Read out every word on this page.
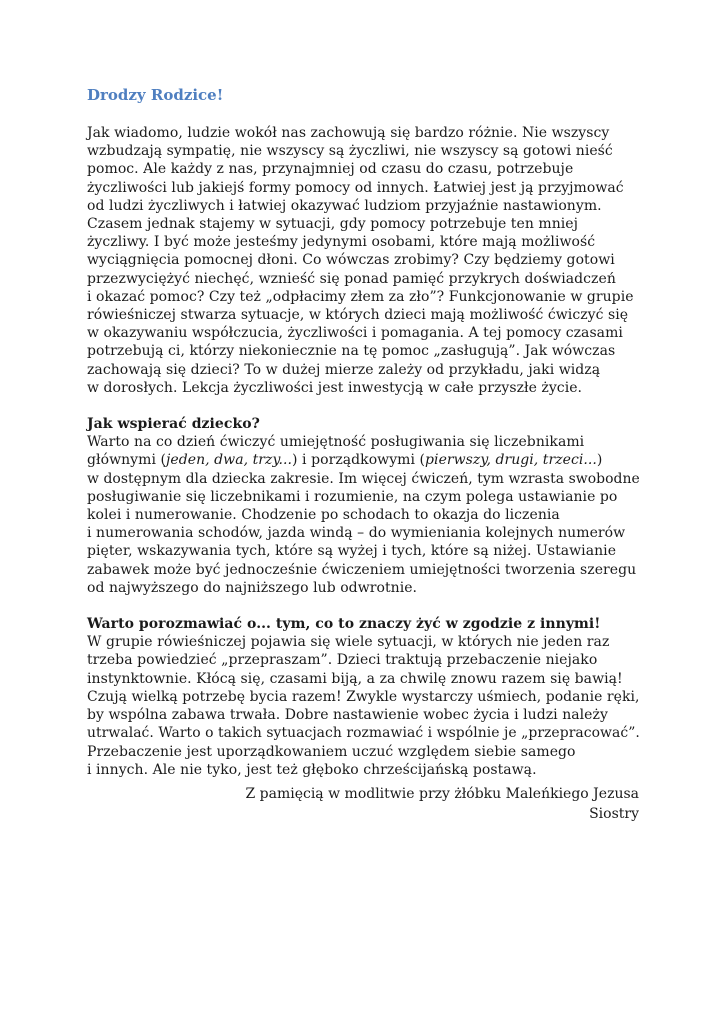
Drodzy Rodzice!

Jak wiadomo, ludzie wokół nas zachowują się bardzo różnie. Nie wszyscy
wzbudzają sympatię, nie wszyscy są życzliwi, nie wszyscy są gotowi nieść
pomoc. Ale każdy z nas, przynajmniej od czasu do czasu, potrzebuje
życzliwości lub jakiejś formy pomocy od innych. Łatwiej jest ją przyjmować
od ludzi życzliwych i łatwiej okazywać ludziom przyjaźnie nastawionym.
Czasem jednak stajemy w sytuacji, gdy pomocy potrzebuje ten mniej
życzliwy. I być może jesteśmy jedynymi osobami, które mają możliwość
wyciągnięcia pomocnej dłoni. Co wówczas zrobimy? Czy będziemy gotowi
przezwyciężyć niechęć, wznieść się ponad pamięć przykrych doświadczeń
i okazać pomoc? Czy też „odpłacimy złem za zło”? Funkcjonowanie w grupie
rówieśniczej stwarza sytuacje, w których dzieci mają możliwość ćwiczyć się
w okazywaniu współczucia, życzliwości i pomagania. A tej pomocy czasami
potrzebują ci, którzy niekoniecznie na tę pomoc „zasługują”. Jak wówczas
zachowają się dzieci? To w dużej mierze zależy od przykładu, jaki widzą
w dorosłych. Lekcja życzliwości jest inwestycją w całe przyszłe życie.

Jak wspierać dziecko?
Warto na co dzień ćwiczyć umiejętność posługiwania się liczebnikami
głównymi (jeden, dwa, trzy...) i porządkowymi (pierwszy, drugi, trzeci...)
w dostępnym dla dziecka zakresie. Im więcej ćwiczeń, tym wzrasta swobodne
posługiwanie się liczebnikami i rozumienie, na czym polega ustawianie po
kolei i numerowanie. Chodzenie po schodach to okazja do liczenia
i numerowania schodów, jazda windą – do wymieniania kolejnych numerów
pięter, wskazywania tych, które są wyżej i tych, które są niżej. Ustawianie
zabawek może być jednocześnie ćwiczeniem umiejętności tworzenia szeregu
od najwyższego do najniższego lub odwrotnie.

Warto porozmawiać o... tym, co to znaczy żyć w zgodzie z innymi!
W grupie rówieśniczej pojawia się wiele sytuacji, w których nie jeden raz
trzeba powiedzieć „przepraszam”. Dzieci traktują przebaczenie niejako
instynktownie. Kłócą się, czasami biją, a za chwilę znowu razem się bawią!
Czują wielką potrzebę bycia razem! Zwykle wystarczy uśmiech, podanie ręki,
by wspólna zabawa trwała. Dobre nastawienie wobec życia i ludzi należy
utrwalać. Warto o takich sytuacjach rozmawiać i wspólnie je „przepracować”.
Przebaczenie jest uporządkowaniem uczuć względem siebie samego
i innych. Ale nie tyko, jest też głęboko chrześcijańską postawą.

Z pamięcią w modlitwie przy żłóbku Maleńkiego Jezusa
Siostry
